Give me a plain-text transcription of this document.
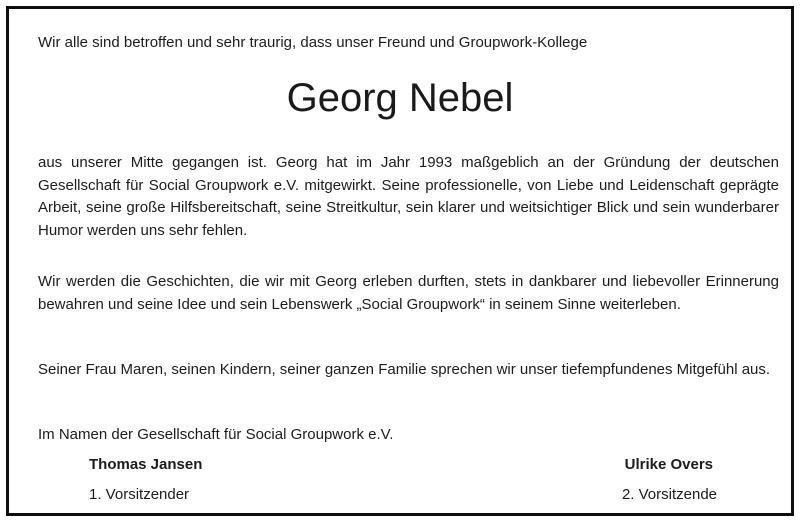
Wir alle sind betroffen und sehr traurig, dass unser Freund und Groupwork-Kollege

Georg Nebel

aus unserer Mitte gegangen ist. Georg hat im Jahr 1993 maßgeblich an der Gründung der deutschen Gesellschaft für Social Groupwork e.V. mitgewirkt. Seine professionelle, von Liebe und Leidenschaft geprägte Arbeit, seine große Hilfsbereitschaft, seine Streitkultur, sein klarer und weitsichtiger Blick und sein wunderbarer Humor werden uns sehr fehlen.

Wir werden die Geschichten, die wir mit Georg erleben durften, stets in dankbarer und liebevoller Erinnerung bewahren und seine Idee und sein Lebenswerk „Social Groupwork“ in seinem Sinne weiterleben.

Seiner Frau Maren, seinen Kindern, seiner ganzen Familie sprechen wir unser tiefempfundenes Mitgefühl aus.

Im Namen der Gesellschaft für Social Groupwork e.V.

Thomas Jansen

1. Vorsitzender

Ulrike Overs

2. Vorsitzende
